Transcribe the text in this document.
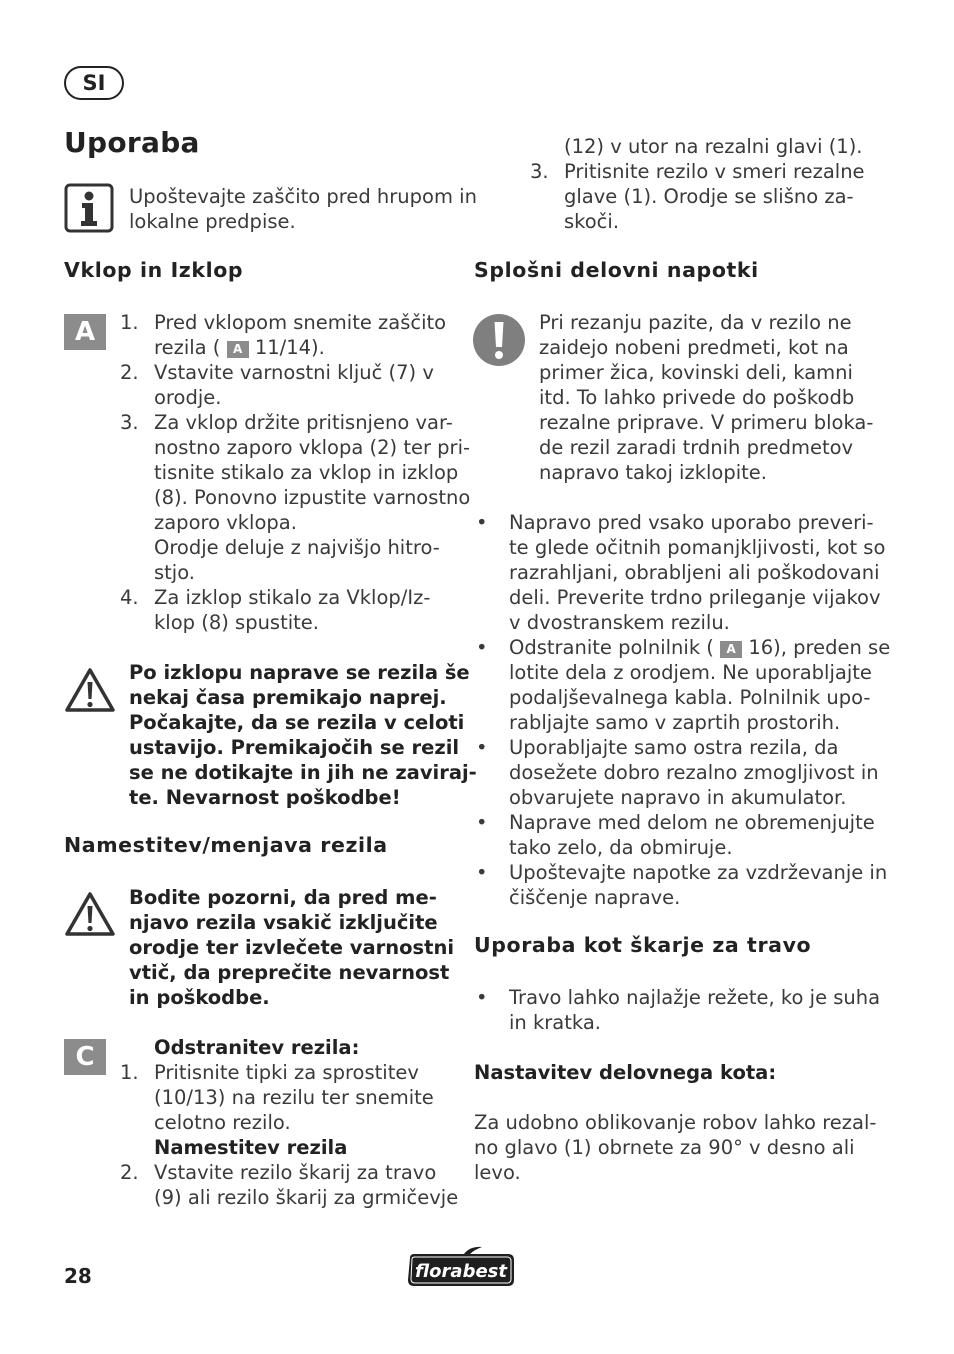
SI
Uporaba
Upoštevajte zaščito pred hrupom in
lokalne predpise.
Vklop in Izklop
A	1. Pred vklopom snemite zaščito
rezila ( A 11/14).
2. Vstavite varnostni ključ (7) v
orodje.
3. Za vklop držite pritisnjeno var-
nostno zaporo vklopa (2) ter pri-
tisnite stikalo za vklop in izklop
(8). Ponovno izpustite varnostno
zaporo vklopa.
Orodje deluje z najvišjo hitro-
stjo.
4. Za izklop stikalo za Vklop/Iz-
klop (8) spustite.
Po izklopu naprave se rezila še
nekaj časa premikajo naprej.
Počakajte, da se rezila v celoti
ustavijo. Premikajočih se rezil
se ne dotikajte in jih ne zaviraj-
te. Nevarnost poškodbe!
Namestitev/menjava rezila
Bodite pozorni, da pred me-
njavo rezila vsakič izključite
orodje ter izvlečete varnostni
vtič, da preprečite nevarnost
in poškodbe.
C	Odstranitev rezila:
1. Pritisnite tipki za sprostitev
(10/13) na rezilu ter snemite
celotno rezilo.
Namestitev rezila
2. Vstavite rezilo škarij za travo
(9) ali rezilo škarij za grmičevje
(12) v utor na rezalni glavi (1).
3. Pritisnite rezilo v smeri rezalne
glave (1). Orodje se slišno za-
skoči.
Splošni delovni napotki
Pri rezanju pazite, da v rezilo ne
zaidejo nobeni predmeti, kot na
primer žica, kovinski deli, kamni
itd. To lahko privede do poškodb
rezalne priprave. V primeru bloka-
de rezil zaradi trdnih predmetov
napravo takoj izklopite.
• Napravo pred vsako uporabo preveri-
te glede očitnih pomanjkljivosti, kot so
razrahljani, obrabljeni ali poškodovani
deli. Preverite trdno prileganje vijakov
v dvostranskem rezilu.
• Odstranite polnilnik ( A 16), preden se
lotite dela z orodjem. Ne uporabljajte
podaljševalnega kabla. Polnilnik upo-
rabljajte samo v zaprtih prostorih.
• Uporabljajte samo ostra rezila, da
dosežete dobro rezalno zmogljivost in
obvarujete napravo in akumulator.
• Naprave med delom ne obremenjujte
tako zelo, da obmiruje.
• Upoštevajte napotke za vzdrževanje in
čiščenje naprave.
Uporaba kot škarje za travo
• Travo lahko najlažje režete, ko je suha
in kratka.
Nastavitev delovnega kota:
Za udobno oblikovanje robov lahko rezal-
no glavo (1) obrnete za 90° v desno ali
levo.
28	florabest
